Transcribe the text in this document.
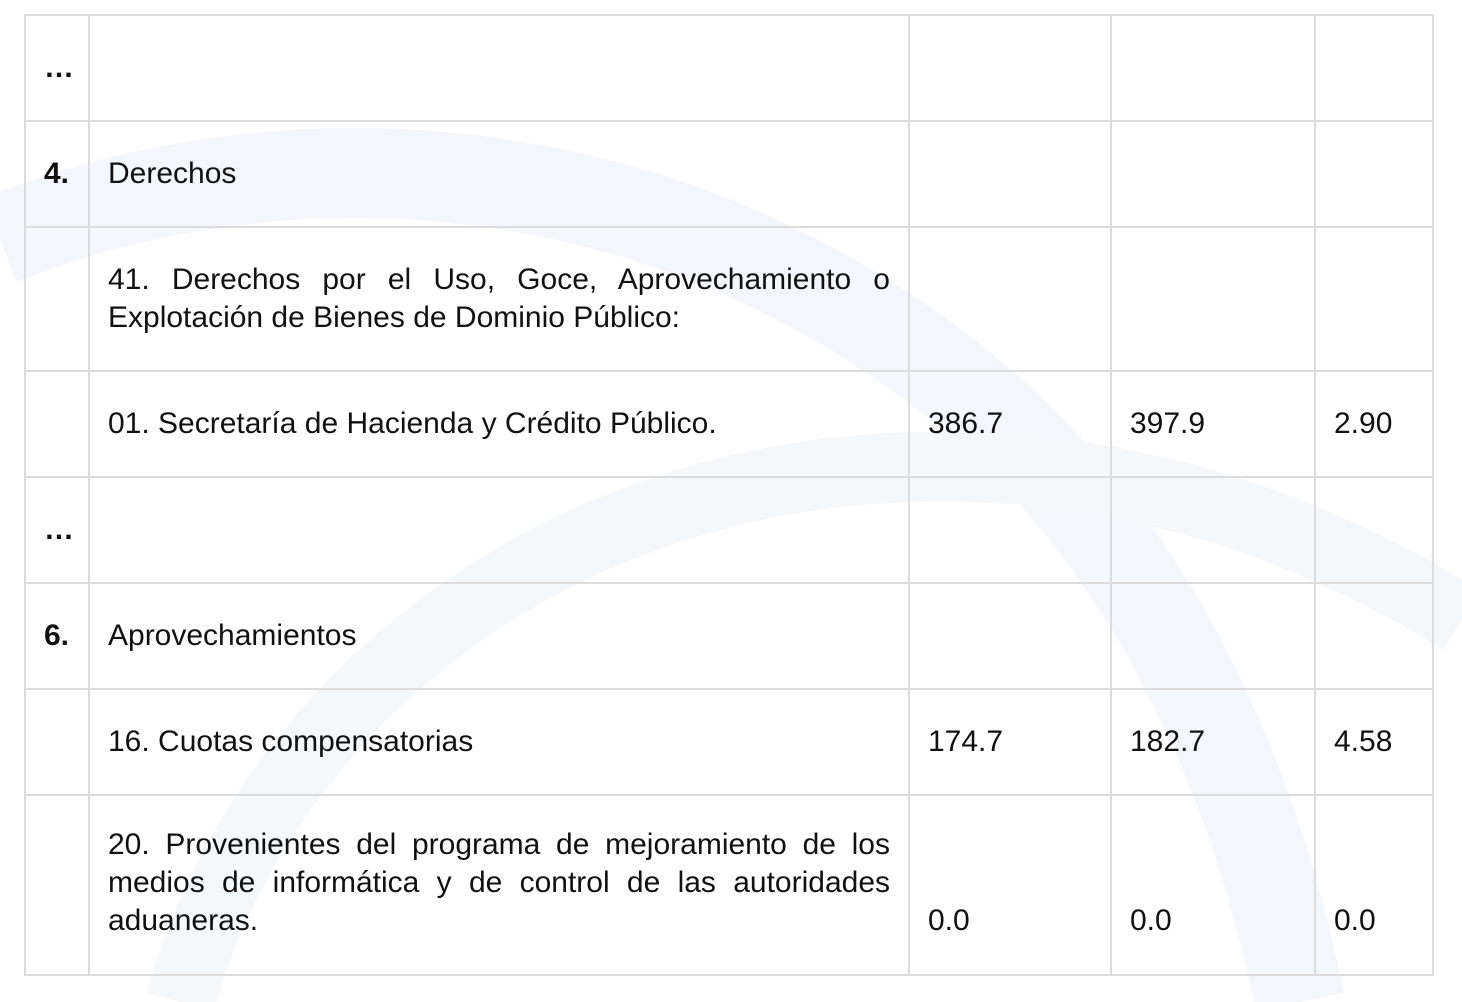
…				
4.	Derechos			
	41. Derechos por el Uso, Goce, Aprovechamiento o Explotación de Bienes de Dominio Público:			
	01. Secretaría de Hacienda y Crédito Público.	386.7	397.9	2.90
…				
6.	Aprovechamientos			
	16. Cuotas compensatorias	174.7	182.7	4.58
	20. Provenientes del programa de mejoramiento de los medios de informática y de control de las autoridades aduaneras.	0.0	0.0	0.0
